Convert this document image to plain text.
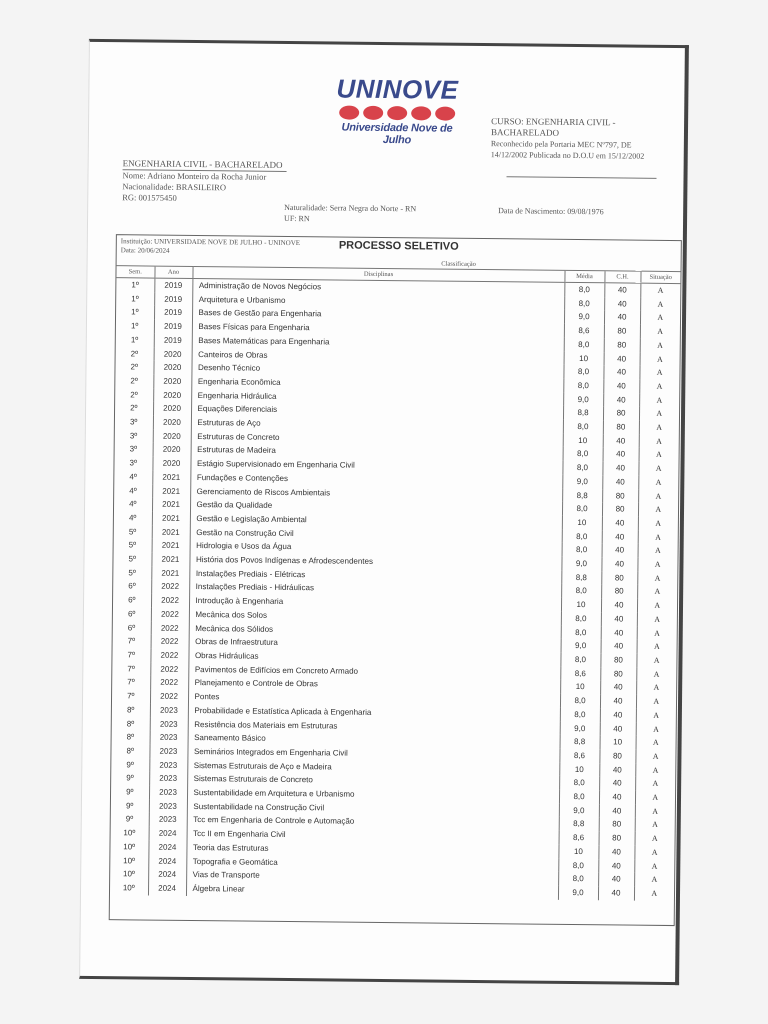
UNINOVE
Universidade Nove de Julho
CURSO: ENGENHARIA CIVIL - BACHARELADO
Reconhecido pela Portaria MEC Nº797, DE
14/12/2002 Publicada no D.O.U em 15/12/2002
ENGENHARIA CIVIL - BACHARELADO
Nome: Adriano Monteiro da Rocha Junior
Nacionalidade: BRASILEIRO
RG: 001575450
Naturalidade: Serra Negra do Norte - RN
UF: RN
Data de Nascimento: 09/08/1976
Instituição: UNIVERSIDADE NOVE DE JULHO - UNINOVE
Data: 20/06/2024	PROCESSO SELETIVO
Classificação
Sem.	Ano	Disciplinas	Média	C.H.	Situação
1º	2019	Administração de Novos Negócios	8,0	40	A
1º	2019	Arquitetura e Urbanismo	8,0	40	A
1º	2019	Bases de Gestão para Engenharia	9,0	40	A
1º	2019	Bases Físicas para Engenharia	8,6	80	A
1º	2019	Bases Matemáticas para Engenharia	8,0	80	A
2º	2020	Canteiros de Obras	10	40	A
2º	2020	Desenho Técnico	8,0	40	A
2º	2020	Engenharia Econômica	8,0	40	A
2º	2020	Engenharia Hidráulica	9,0	40	A
2º	2020	Equações Diferenciais	8,8	80	A
3º	2020	Estruturas de Aço	8,0	80	A
3º	2020	Estruturas de Concreto	10	40	A
3º	2020	Estruturas de Madeira	8,0	40	A
3º	2020	Estágio Supervisionado em Engenharia Civil	8,0	40	A
4º	2021	Fundações e Contenções	9,0	40	A
4º	2021	Gerenciamento de Riscos Ambientais	8,8	80	A
4º	2021	Gestão da Qualidade	8,0	80	A
4º	2021	Gestão e Legislação Ambiental	10	40	A
5º	2021	Gestão na Construção Civil	8,0	40	A
5º	2021	Hidrologia e Usos da Água	8,0	40	A
5º	2021	História dos Povos Indígenas e Afrodescendentes	9,0	40	A
5º	2021	Instalações Prediais - Elétricas	8,8	80	A
6º	2022	Instalações Prediais - Hidráulicas	8,0	80	A
6º	2022	Introdução à Engenharia	10	40	A
6º	2022	Mecânica dos Solos	8,0	40	A
6º	2022	Mecânica dos Sólidos	8,0	40	A
7º	2022	Obras de Infraestrutura	9,0	40	A
7º	2022	Obras Hidráulicas	8,0	80	A
7º	2022	Pavimentos de Edifícios em Concreto Armado	8,6	80	A
7º	2022	Planejamento e Controle de Obras	10	40	A
7º	2022	Pontes	8,0	40	A
8º	2023	Probabilidade e Estatística Aplicada à Engenharia	8,0	40	A
8º	2023	Resistência dos Materiais em Estruturas	9,0	40	A
8º	2023	Saneamento Básico	8,8	10	A
8º	2023	Seminários Integrados em Engenharia Civil	8,6	80	A
9º	2023	Sistemas Estruturais de Aço e Madeira	10	40	A
9º	2023	Sistemas Estruturais de Concreto	8,0	40	A
9º	2023	Sustentabilidade em Arquitetura e Urbanismo	8,0	40	A
9º	2023	Sustentabilidade na Construção Civil	9,0	40	A
9º	2023	Tcc em Engenharia de Controle e Automação	8,8	80	A
10º	2024	Tcc II em Engenharia Civil	8,6	80	A
10º	2024	Teoria das Estruturas	10	40	A
10º	2024	Topografia e Geomática	8,0	40	A
10º	2024	Vias de Transporte	8,0	40	A
10º	2024	Álgebra Linear	9,0	40	A
